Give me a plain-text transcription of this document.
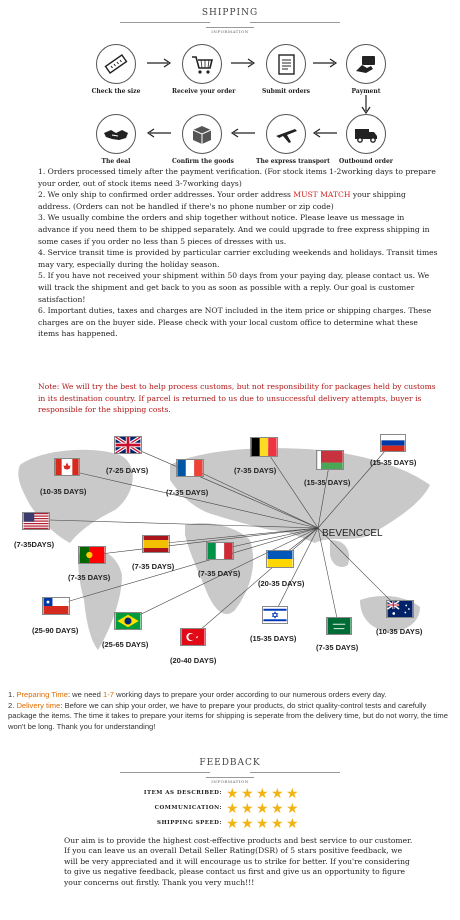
SHIPPING
INFORMATION
Check the size	Receive your order	Submit orders	Payment
Outbound order
The express transport
Confirm the goods
The deal

1. Orders processed timely after the payment verification. (For stock items 1-2working days to prepare your order, out of stock items need 3-7working days)

2. We only ship to confirmed order addresses. Your order address MUST MATCH your shipping address. (Orders can not be handled if there's no phone number or zip code)

3. We usually combine the orders and ship together without notice. Please leave us message in advance if you need them to be shipped separately. And we could upgrade to free express shipping in some cases if you order no less than 5 pieces of dresses with us.

4. Service transit time is provided by particular carrier excluding weekends and holidays. Transit times may vary, especially during the holiday season.

5. If you have not received your shipment within 50 days from your paying day, please contact us. We will track the shipment and get back to you as soon as possible with a reply. Our goal is customer satisfaction!

6. Important duties, taxes and charges are NOT included in the item price or shipping charges. These charges are on the buyer side. Please check with your local custom office to determine what these items has happened.

Note: We will try the best to help process customs, but not responsibility for packages held by customs in its destination country. If parcel is returned to us due to unsuccessful delivery attempts, buyer is responsible for the shipping costs.
BEVENCCEL
(10-35 DAYS)
(7-25 DAYS)
(7-35 DAYS)
(7-35 DAYS)
(15-35 DAYS)
(15-35 DAYS)
(7-35DAYS)
(7-35 DAYS)
(7-35 DAYS)
(7-35 DAYS)
(20-35 DAYS)
(25-90 DAYS)
(25-65 DAYS)
(20-40 DAYS)
(15-35 DAYS)
(7-35 DAYS)
(10-35 DAYS)

1. Preparing Time: we need 1-7 working days to prepare your order according to our numerous orders every day.

2. Delivery time: Before we can ship your order, we have to prepare your products, do strict quality-control tests and carefully package the items. The time it takes to prepare your items for shipping is seperate from the delivery time, but do not worry, the time won't be long. Thank you for understanding!

FEEDBACK
INFORMATION
ITEM AS DESCRIBED: ★ ★ ★ ★ ★
COMMUNICATION: ★ ★ ★ ★ ★
SHIPPING SPEED: ★ ★ ★ ★ ★
Our aim is to provide the highest cost-effective products and best service to our customer. If you can leave us an overall Detail Seller Rating(DSR) of 5 stars positive feedback, we will be very appreciated and it will encourage us to strike for better. If you're considering to give us negative feedback, please contact us first and give us an opportunity to figure your concerns out firstly. Thank you very much!!!
